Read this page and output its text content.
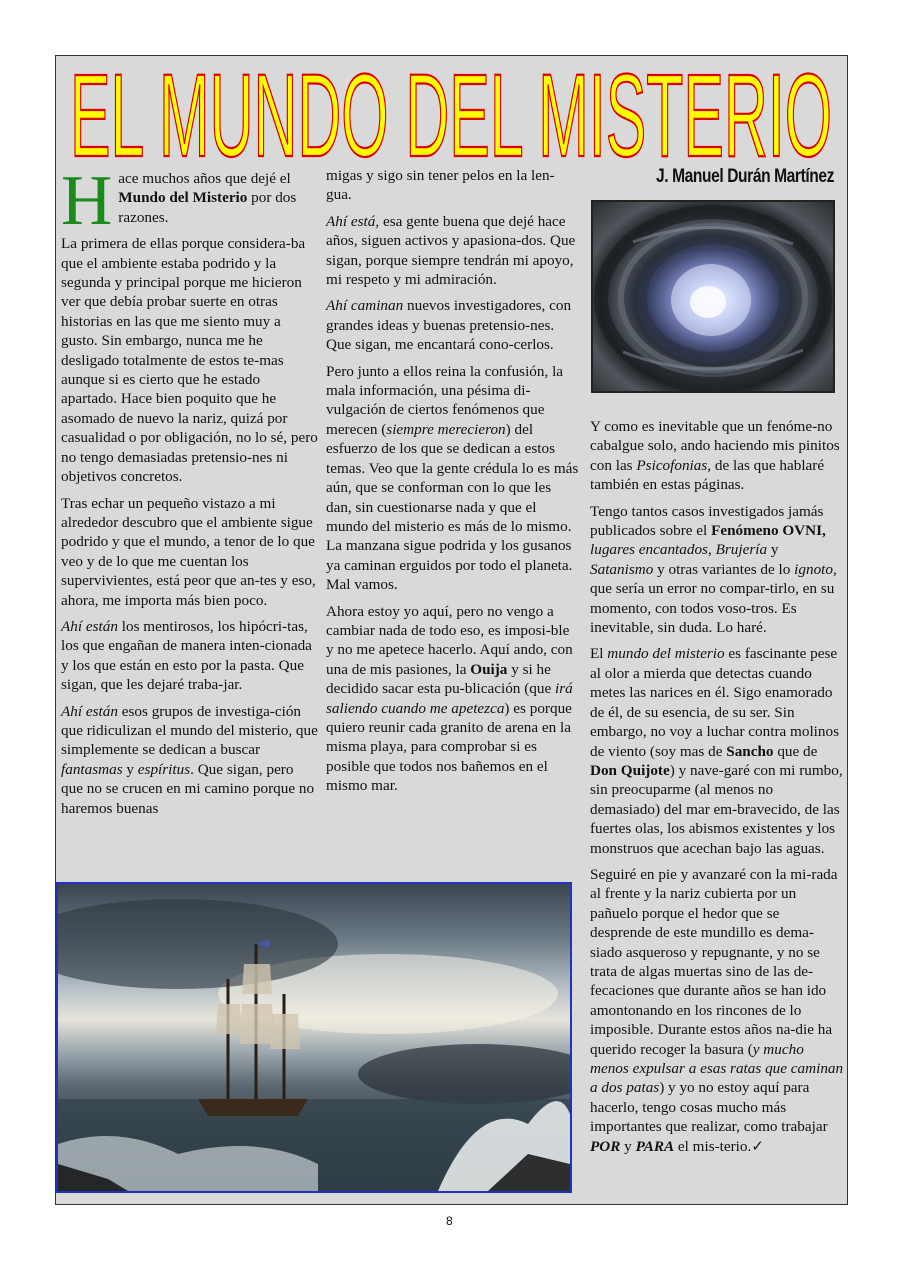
EL MUNDO DEL MISTERIO
J. Manuel Durán Martínez

Hace muchos años que dejé el Mundo del Misterio por dos razones.

La primera de ellas porque considera-ba que el ambiente estaba podrido y la segunda y principal porque me hicieron ver que debía probar suerte en otras historias en las que me siento muy a gusto. Sin embargo, nunca me he desligado totalmente de estos te-mas aunque si es cierto que he estado apartado. Hace bien poquito que he asomado de nuevo la nariz, quizá por casualidad o por obligación, no lo sé, pero no tengo demasiadas pretensio-nes ni objetivos concretos.

Tras echar un pequeño vistazo a mi alrededor descubro que el ambiente sigue podrido y que el mundo, a tenor de lo que veo y de lo que me cuentan los supervivientes, está peor que an-tes y eso, ahora, me importa más bien poco.

Ahí están los mentirosos, los hipócri-tas, los que engañan de manera inten-cionada y los que están en esto por la pasta. Que sigan, que les dejaré traba-jar.

Ahí están esos grupos de investiga-ción que ridiculizan el mundo del misterio, que simplemente se dedican a buscar fantasmas y espíritus. Que sigan, pero que no se crucen en mi camino porque no haremos buenas

migas y sigo sin tener pelos en la len-gua.

Ahí está, esa gente buena que dejé hace años, siguen activos y apasiona-dos. Que sigan, porque siempre tendrán mi apoyo, mi respeto y mi admiración.

Ahí caminan nuevos investigadores, con grandes ideas y buenas pretensio-nes. Que sigan, me encantará cono-cerlos.

Pero junto a ellos reina la confusión, la mala información, una pésima di-vulgación de ciertos fenómenos que merecen (siempre merecieron) del esfuerzo de los que se dedican a estos temas. Veo que la gente crédula lo es más aún, que se conforman con lo que les dan, sin cuestionarse nada y que el mundo del misterio es más de lo mismo. La manzana sigue podrida y los gusanos ya caminan erguidos por todo el planeta. Mal vamos.

Ahora estoy yo aquí, pero no vengo a cambiar nada de todo eso, es imposi-ble y no me apetece hacerlo. Aquí ando, con una de mis pasiones, la Ouija y si he decidido sacar esta pu-blicación (que irá saliendo cuando me apetezca) es porque quiero reunir cada granito de arena en la misma playa, para comprobar si es posible que todos nos bañemos en el mismo mar.

Y como es inevitable que un fenóme-no cabalgue solo, ando haciendo mis pinitos con las Psicofonias, de las que hablaré también en estas páginas.

Tengo tantos casos investigados jamás publicados sobre el Fenómeno OVNI, lugares encantados, Brujería y Satanismo y otras variantes de lo ignoto, que sería un error no compar-tirlo, en su momento, con todos voso-tros. Es inevitable, sin duda. Lo haré.

El mundo del misterio es fascinante pese al olor a mierda que detectas cuando metes las narices en él. Sigo enamorado de él, de su esencia, de su ser. Sin embargo, no voy a luchar contra molinos de viento (soy mas de Sancho que de Don Quijote) y nave-garé con mi rumbo, sin preocuparme (al menos no demasiado) del mar em-bravecido, de las fuertes olas, los abismos existentes y los monstruos que acechan bajo las aguas.

Seguiré en pie y avanzaré con la mi-rada al frente y la nariz cubierta por un pañuelo porque el hedor que se desprende de este mundillo es dema-siado asqueroso y repugnante, y no se trata de algas muertas sino de las de-fecaciones que durante años se han ido amontonando en los rincones de lo imposible. Durante estos años na-die ha querido recoger la basura (y mucho menos expulsar a esas ratas que caminan a dos patas) y yo no estoy aquí para hacerlo, tengo cosas mucho más importantes que realizar, como trabajar POR y PARA el mis-terio.✓

8
